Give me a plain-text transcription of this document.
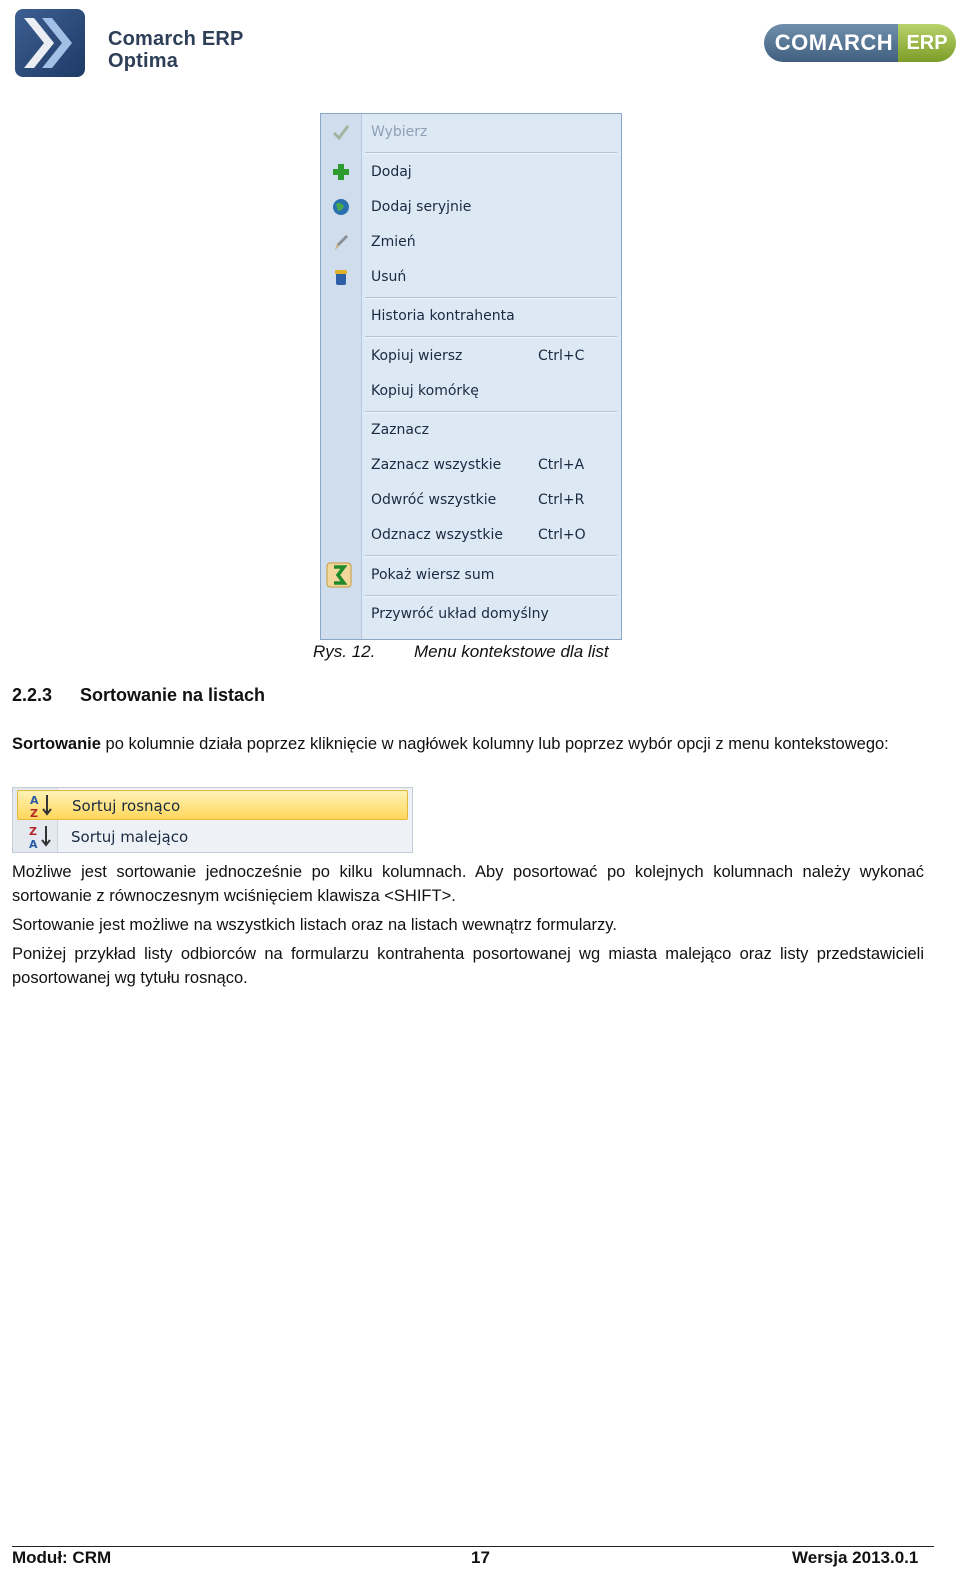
Comarch ERP
Optima
COMARCH ERP
Wybierz
Dodaj
Dodaj seryjnie
Zmień
Usuń
Historia kontrahenta
Kopiuj wiersz	Ctrl+C
Kopiuj komórkę
Zaznacz
Zaznacz wszystkie	Ctrl+A
Odwróć wszystkie	Ctrl+R
Odznacz wszystkie	Ctrl+O
Pokaż wiersz sum
Przywróć układ domyślny
Rys. 12. Menu kontekstowe dla list
2.2.3 Sortowanie na listach
Sortowanie po kolumnie działa poprzez kliknięcie w nagłówek kolumny lub poprzez wybór opcji z menu kontekstowego:
A
Z Sortuj rosnąco
Z
A Sortuj malejąco
Możliwe jest sortowanie jednocześnie po kilku kolumnach. Aby posortować po kolejnych kolumnach należy wykonać sortowanie z równoczesnym wciśnięciem klawisza <SHIFT>.
Sortowanie jest możliwe na wszystkich listach oraz na listach wewnątrz formularzy.
Poniżej przykład listy odbiorców na formularzu kontrahenta posortowanej wg miasta malejąco oraz listy przedstawicieli posortowanej wg tytułu rosnąco.
Moduł: CRM	17	Wersja 2013.0.1
